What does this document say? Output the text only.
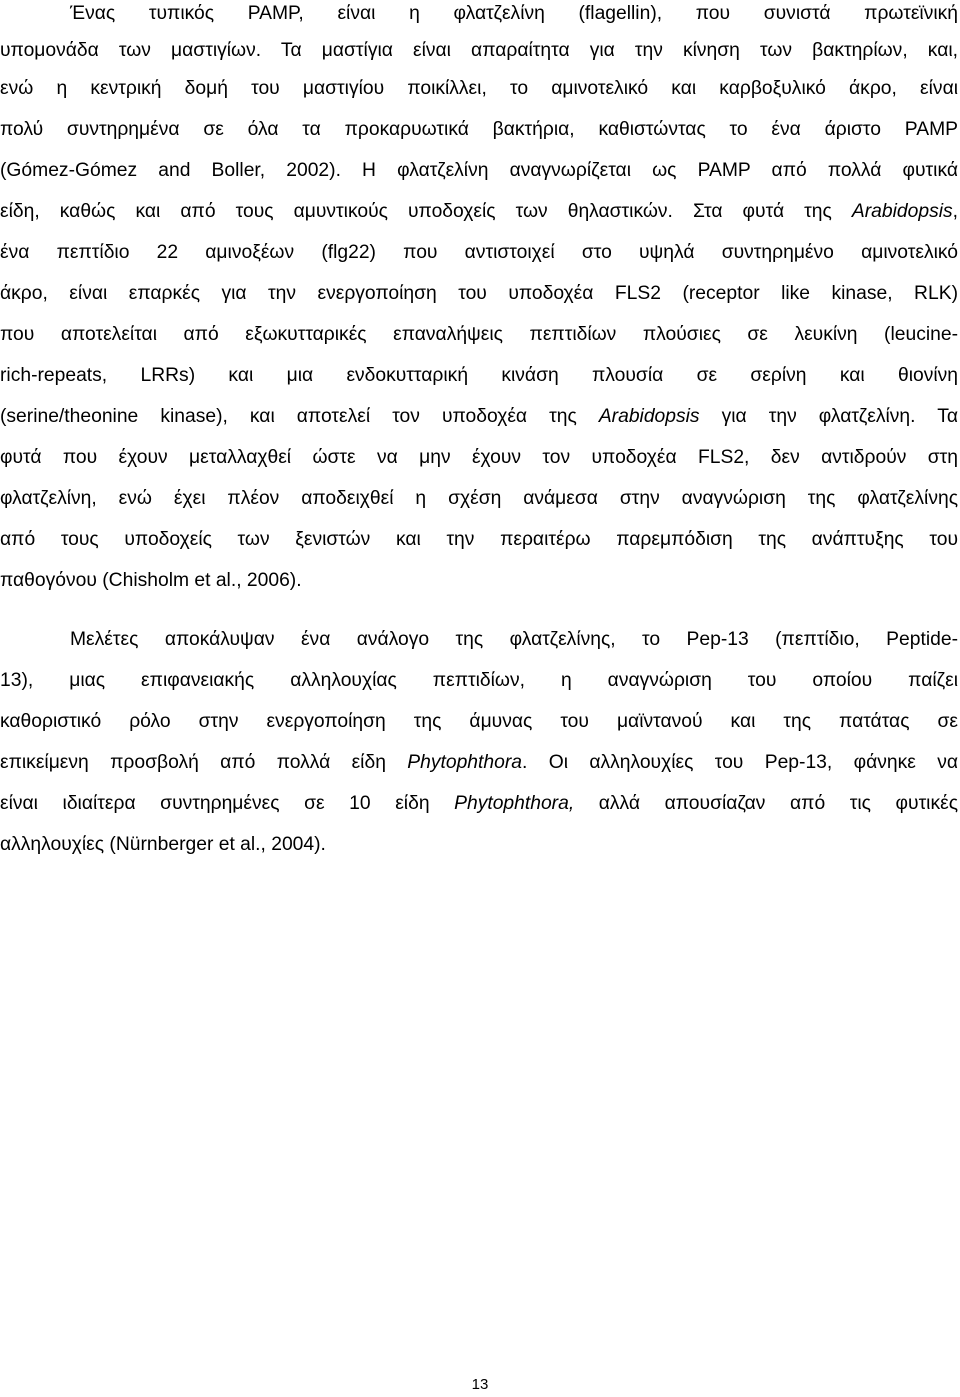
Ένας τυπικός PAMP, είναι η φλατζελίνη (flagellin), που συνιστά πρωτεϊνική
υπομονάδα των μαστιγίων. Τα μαστίγια είναι απαραίτητα για την κίνηση των βακτηρίων, και,
ενώ η κεντρική δομή του μαστιγίου ποικίλλει, το αμινοτελικό και καρβοξυλικό άκρο, είναι
πολύ συντηρημένα σε όλα τα προκαρυωτικά βακτήρια, καθιστώντας το ένα άριστο PAMP
(Gómez-Gómez and Boller, 2002). Η φλατζελίνη αναγνωρίζεται ως PAMP από πολλά φυτικά
είδη, καθώς και από τους αμυντικούς υποδοχείς των θηλαστικών. Στα φυτά της Arabidopsis,
ένα πεπτίδιο 22 αμινοξέων (flg22) που αντιστοιχεί στο υψηλά συντηρημένο αμινοτελικό
άκρο, είναι επαρκές για την ενεργοποίηση του υποδοχέα FLS2 (receptor like kinase, RLK)
που αποτελείται από εξωκυτταρικές επαναλήψεις πεπτιδίων πλούσιες σε λευκίνη (leucine-
rich-repeats, LRRs) και μια ενδοκυτταρική κινάση πλουσία σε σερίνη και θιονίνη
(serine/theonine kinase), και αποτελεί τον υποδοχέα της Arabidopsis για την φλατζελίνη. Τα
φυτά που έχουν μεταλλαχθεί ώστε να μην έχουν τον υποδοχέα FLS2, δεν αντιδρούν στη
φλατζελίνη, ενώ έχει πλέον αποδειχθεί η σχέση ανάμεσα στην αναγνώριση της φλατζελίνης
από τους υποδοχείς των ξενιστών και την περαιτέρω παρεμπόδιση της ανάπτυξης του
παθογόνου (Chisholm et al., 2006).
Μελέτες αποκάλυψαν ένα ανάλογο της φλατζελίνης, το Pep-13 (πεπτίδιο, Peptide-
13), μιας επιφανειακής αλληλουχίας πεπτιδίων, η αναγνώριση του οποίου παίζει
καθοριστικό ρόλο στην ενεργοποίηση της άμυνας του μαϊντανού και της πατάτας σε
επικείμενη προσβολή από πολλά είδη Phytophthora. Οι αλληλουχίες του Pep-13, φάνηκε να
είναι ιδιαίτερα συντηρημένες σε 10 είδη Phytophthora, αλλά απουσίαζαν από τις φυτικές
αλληλουχίες (Nürnberger et al., 2004).
13
